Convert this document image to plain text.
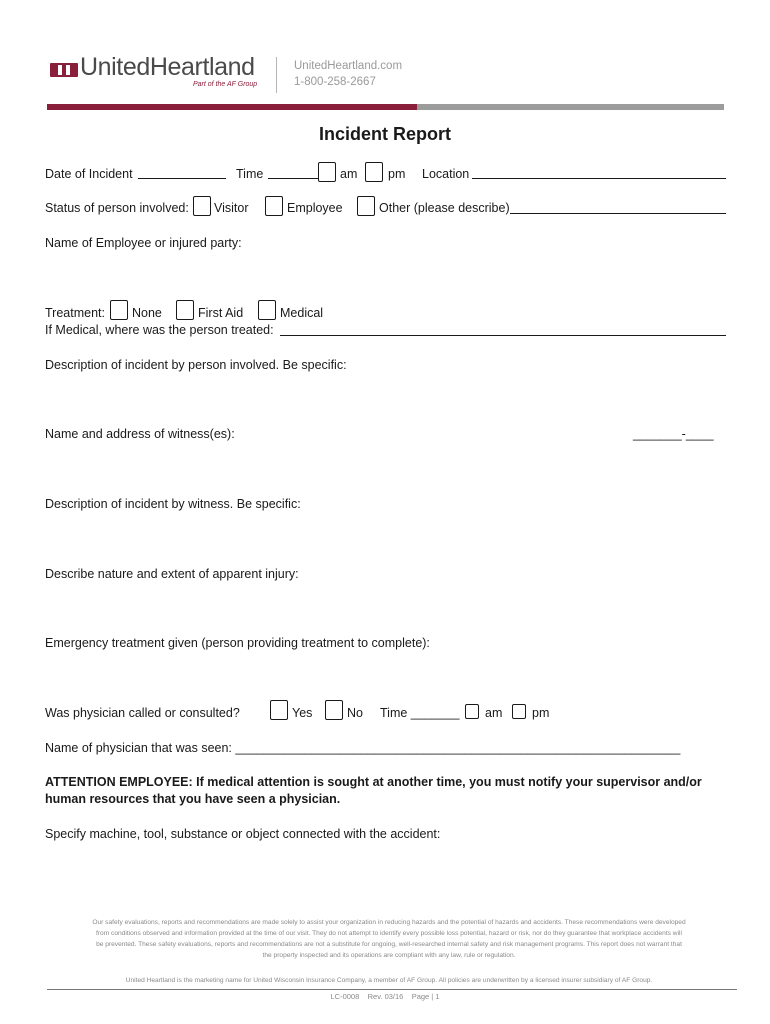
UnitedHeartland
Part of the AF Group
UnitedHeartland.com
1-800-258-2667
Incident Report
Date of Incident	Time	am pm Location
Status of person involved: Visitor	Employee	Other (please describe)
Name of Employee or injured party:
Treatment: None	First Aid	Medical
If Medical, where was the person treated:
Description of incident by person involved. Be specific:
Name and address of witness(es):	_______-____
Description of incident by witness. Be specific:
Describe nature and extent of apparent injury:
Emergency treatment given (person providing treatment to complete):
Was physician called or consulted?	Yes	No Time _______ am pm
Name of physician that was seen: ________________________________________________________________
ATTENTION EMPLOYEE: If medical attention is sought at another time, you must notify your supervisor and/or human resources that you have seen a physician.
Specify machine, tool, substance or object connected with the accident:
Our safety evaluations, reports and recommendations are made solely to assist your organization in reducing hazards and the potential of hazards and accidents. These recommendations were developed
from conditions observed and information provided at the time of our visit. They do not attempt to identify every possible loss potential, hazard or risk, nor do they guarantee that workplace accidents will
be prevented. These safety evaluations, reports and recommendations are not a substitute for ongoing, well-researched internal safety and risk management programs. This report does not warrant that
the property inspected and its operations are compliant with any law, rule or regulation.
United Heartland is the marketing name for United Wisconsin Insurance Company, a member of AF Group. All policies are underwritten by a licensed insurer subsidiary of AF Group.
LC-0008 Rev. 03/16 Page | 1
